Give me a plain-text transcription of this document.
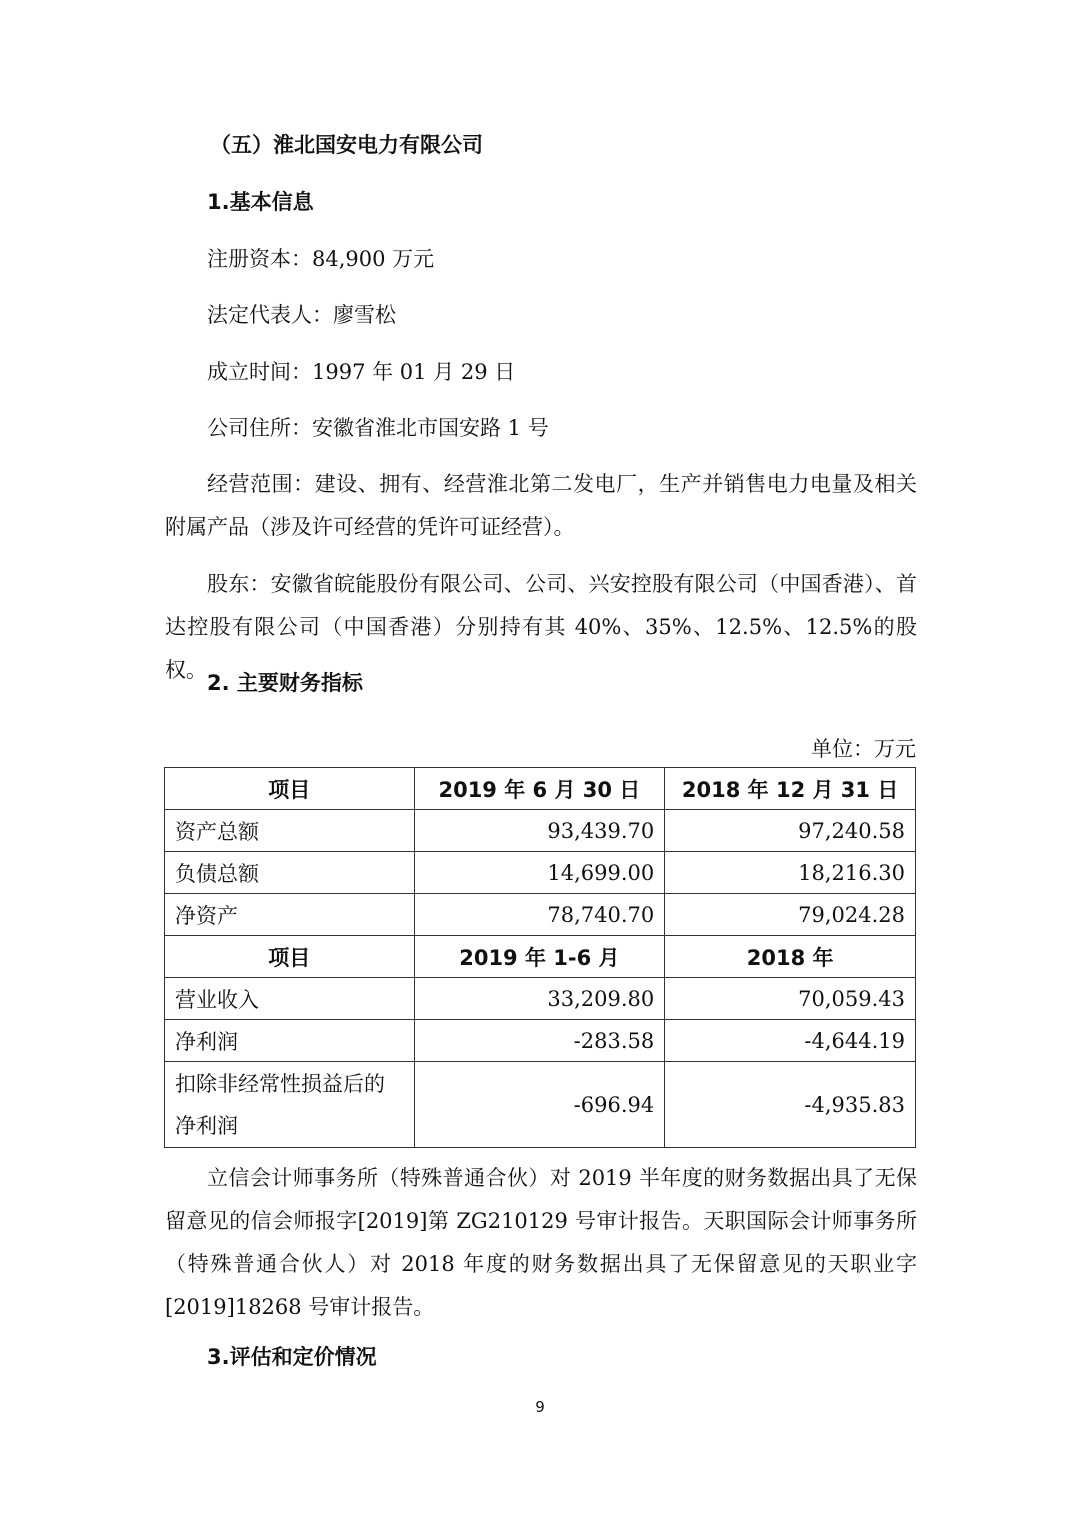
（五）淮北国安电力有限公司
1.基本信息
注册资本：84,900 万元
法定代表人：廖雪松
成立时间：1997 年 01 月 29 日
公司住所：安徽省淮北市国安路 1 号
经营范围：建设、拥有、经营淮北第二发电厂，生产并销售电力电量及相关附属产品（涉及许可经营的凭许可证经营）。
股东：安徽省皖能股份有限公司、公司、兴安控股有限公司（中国香港）、首达控股有限公司（中国香港）分别持有其 40%、35%、12.5%、12.5%的股权。
2. 主要财务指标
单位：万元
项目	2019 年 6 月 30 日	2018 年 12 月 31 日
资产总额	93,439.70	97,240.58
负债总额	14,699.00	18,216.30
净资产	78,740.70	79,024.28
项目	2019 年 1-6 月	2018 年
营业收入	33,209.80	70,059.43
净利润	-283.58	-4,644.19
扣除非经常性损益后的净利润	-696.94	-4,935.83
立信会计师事务所（特殊普通合伙）对 2019 半年度的财务数据出具了无保留意见的信会师报字[2019]第 ZG210129 号审计报告。天职国际会计师事务所（特殊普通合伙人）对 2018 年度的财务数据出具了无保留意见的天职业字[2019]18268 号审计报告。
3.评估和定价情况
9
